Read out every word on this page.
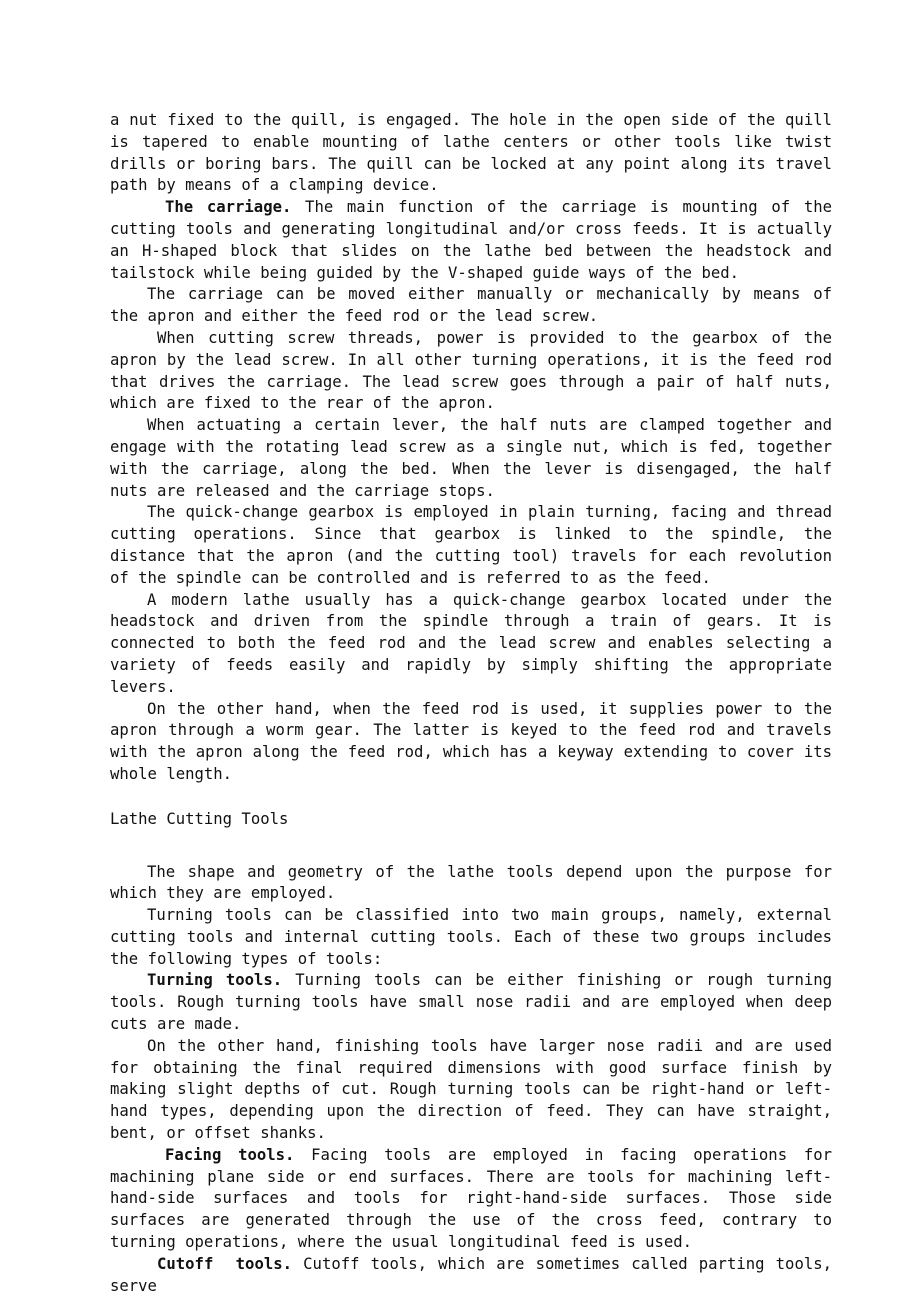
a nut fixed to the quill, is engaged. The hole in the open side of the quill is tapered to enable mounting of lathe centers or other tools like twist drills or boring bars. The quill can be locked at any point along its travel path by means of a clamping device.

The carriage. The main function of the carriage is mounting of the cutting tools and generating longitudinal and/or cross feeds. It is actually an H-shaped block that slides on the lathe bed between the headstock and tailstock while being guided by the V-shaped guide ways of the bed.

The carriage can be moved either manually or mechanically by means of the apron and either the feed rod or the lead screw.

When cutting screw threads, power is provided to the gearbox of the apron by the lead screw. In all other turning operations, it is the feed rod that drives the carriage. The lead screw goes through a pair of half nuts, which are fixed to the rear of the apron.

When actuating a certain lever, the half nuts are clamped together and engage with the rotating lead screw as a single nut, which is fed, together with the carriage, along the bed. When the lever is disengaged, the half nuts are released and the carriage stops.

The quick-change gearbox is employed in plain turning, facing and thread cutting operations. Since that gearbox is linked to the spindle, the distance that the apron (and the cutting tool) travels for each revolution of the spindle can be controlled and is referred to as the feed.

A modern lathe usually has a quick-change gearbox located under the headstock and driven from the spindle through a train of gears. It is connected to both the feed rod and the lead screw and enables selecting a variety of feeds easily and rapidly by simply shifting the appropriate levers.

On the other hand, when the feed rod is used, it supplies power to the apron through a worm gear. The latter is keyed to the feed rod and travels with the apron along the feed rod, which has a keyway extending to cover its whole length.

Lathe Cutting Tools

The shape and geometry of the lathe tools depend upon the purpose for which they are employed.

Turning tools can be classified into two main groups, namely, external cutting tools and internal cutting tools. Each of these two groups includes the following types of tools:

Turning tools. Turning tools can be either finishing or rough turning tools. Rough turning tools have small nose radii and are employed when deep cuts are made.

On the other hand, finishing tools have larger nose radii and are used for obtaining the final required dimensions with good surface finish by making slight depths of cut. Rough turning tools can be right-hand or left-hand types, depending upon the direction of feed. They can have straight, bent, or offset shanks.

Facing tools. Facing tools are employed in facing operations for machining plane side or end surfaces. There are tools for machining left-hand-side surfaces and tools for right-hand-side surfaces. Those side surfaces are generated through the use of the cross feed, contrary to turning operations, where the usual longitudinal feed is used.

Cutoff  tools. Cutoff tools, which are sometimes called parting tools, serve
